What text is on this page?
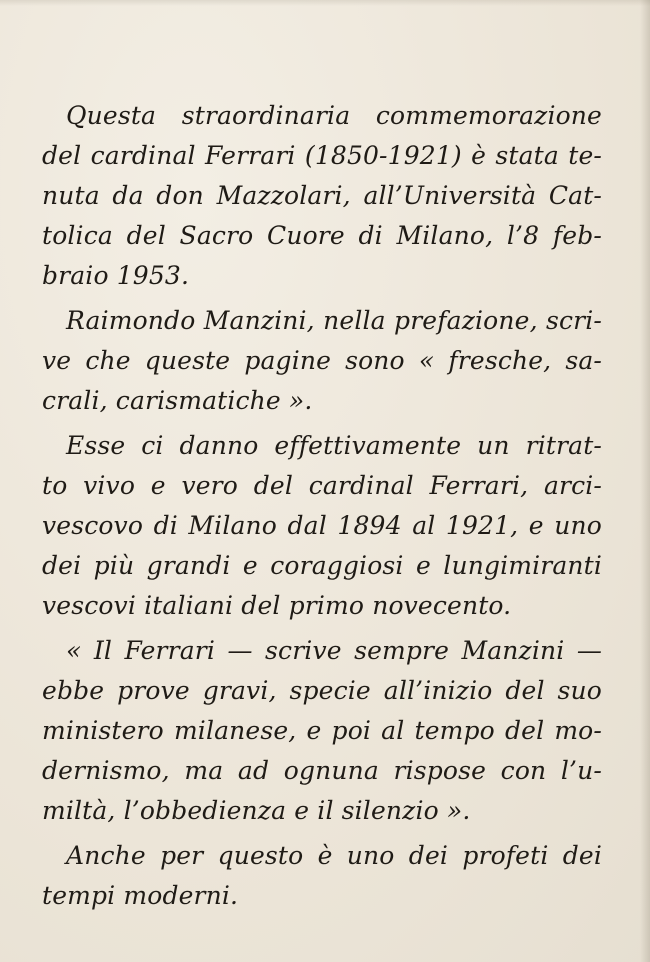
Questa straordinaria commemorazione
del cardinal Ferrari (1850-1921) è stata te-
nuta da don Mazzolari, all’Università Cat-
tolica del Sacro Cuore di Milano, l’8 feb-
braio 1953.
Raimondo Manzini, nella prefazione, scri-
ve che queste pagine sono « fresche, sa-
crali, carismatiche ».
Esse ci danno effettivamente un ritrat-
to vivo e vero del cardinal Ferrari, arci-
vescovo di Milano dal 1894 al 1921, e uno
dei più grandi e coraggiosi e lungimiranti
vescovi italiani del primo novecento.
« Il Ferrari — scrive sempre Manzini —
ebbe prove gravi, specie all’inizio del suo
ministero milanese, e poi al tempo del mo-
dernismo, ma ad ognuna rispose con l’u-
miltà, l’obbedienza e il silenzio ».
Anche per questo è uno dei profeti dei
tempi moderni.
